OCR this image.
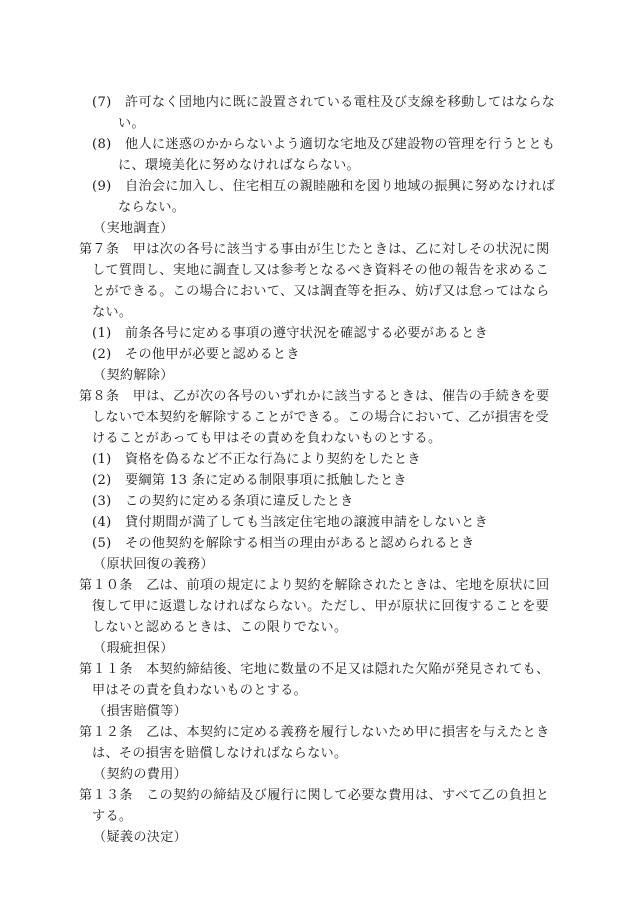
(7)　許可なく団地内に既に設置されている電柱及び支線を移動してはならな
い。
(8)　他人に迷惑のかからないよう適切な宅地及び建設物の管理を行うととも
に、環境美化に努めなければならない。
(9)　自治会に加入し、住宅相互の親睦融和を図り地域の振興に努めなければ
ならない。
（実地調査）
第７条　甲は次の各号に該当する事由が生じたときは、乙に対しその状況に関
して質問し、実地に調査し又は参考となるべき資料その他の報告を求めるこ
とができる。この場合において、又は調査等を拒み、妨げ又は怠ってはなら
ない。
(1)　前条各号に定める事項の遵守状況を確認する必要があるとき
(2)　その他甲が必要と認めるとき
（契約解除）
第８条　甲は、乙が次の各号のいずれかに該当するときは、催告の手続きを要
しないで本契約を解除することができる。この場合において、乙が損害を受
けることがあっても甲はその責めを負わないものとする。
(1)　資格を偽るなど不正な行為により契約をしたとき
(2)　要綱第 13 条に定める制限事項に抵触したとき
(3)　この契約に定める条項に違反したとき
(4)　貸付期間が満了しても当該定住宅地の譲渡申請をしないとき
(5)　その他契約を解除する相当の理由があると認められるとき
（原状回復の義務）
第１０条　乙は、前項の規定により契約を解除されたときは、宅地を原状に回
復して甲に返還しなければならない。ただし、甲が原状に回復することを要
しないと認めるときは、この限りでない。
（瑕疵担保）
第１１条　本契約締結後、宅地に数量の不足又は隠れた欠陥が発見されても、
甲はその責を負わないものとする。
（損害賠償等）
第１２条　乙は、本契約に定める義務を履行しないため甲に損害を与えたとき
は、その損害を賠償しなければならない。
（契約の費用）
第１３条　この契約の締結及び履行に関して必要な費用は、すべて乙の負担と
する。
（疑義の決定）
